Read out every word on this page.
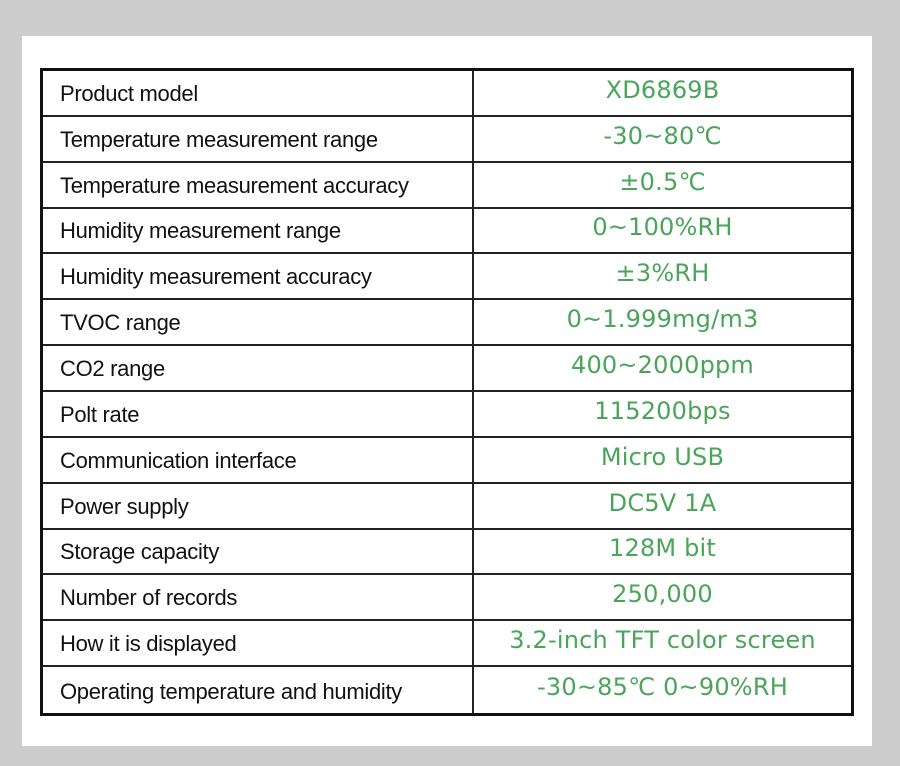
Product model	XD6869B
Temperature measurement range	-30~80℃
Temperature measurement accuracy	±0.5℃
Humidity measurement range	0~100%RH
Humidity measurement accuracy	±3%RH
TVOC range	0~1.999mg/m3
CO2 range	400~2000ppm
Polt rate	115200bps
Communication interface	Micro USB
Power supply	DC5V 1A
Storage capacity	128M bit
Number of records	250,000
How it is displayed	3.2-inch TFT color screen
Operating temperature and humidity	-30~85℃ 0~90%RH
